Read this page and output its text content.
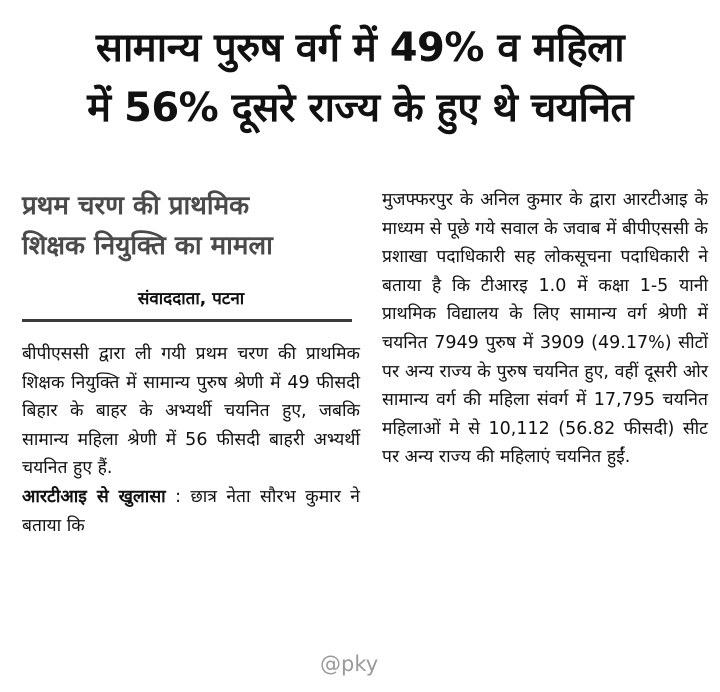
सामान्य पुरुष वर्ग में 49% व महिला
में 56% दूसरे राज्य के हुए थे चयनित

प्रथम चरण की प्राथमिक
शिक्षक नियुक्ति का मामला

संवाददाता, पटना

बीपीएससी द्वारा ली गयी प्रथम चरण की प्राथमिक शिक्षक नियुक्ति में सामान्य पुरुष श्रेणी में 49 फीसदी बिहार के बाहर के अभ्यर्थी चयनित हुए, जबकि सामान्य महिला श्रेणी में 56 फीसदी बाहरी अभ्यर्थी चयनित हुए हैं.

आरटीआइ से खुलासा : छात्र नेता सौरभ कुमार ने बताया कि

मुजफ्फरपुर के अनिल कुमार के द्वारा आरटीआइ के माध्यम से पूछे गये सवाल के जवाब में बीपीएससी के प्रशाखा पदाधिकारी सह लोकसूचना पदाधिकारी ने बताया है कि टीआरइ 1.0 में कक्षा 1-5 यानी प्राथमिक विद्यालय के लिए सामान्य वर्ग श्रेणी में चयनित 7949 पुरुष में 3909 (49.17%) सीटों पर अन्य राज्य के पुरुष चयनित हुए, वहीं दूसरी ओर सामान्य वर्ग की महिला संवर्ग में 17,795 चयनित महिलाओं मे से 10,112 (56.82 फीसदी) सीट पर अन्य राज्य की महिलाएं चयनित हुईं.

@pky
